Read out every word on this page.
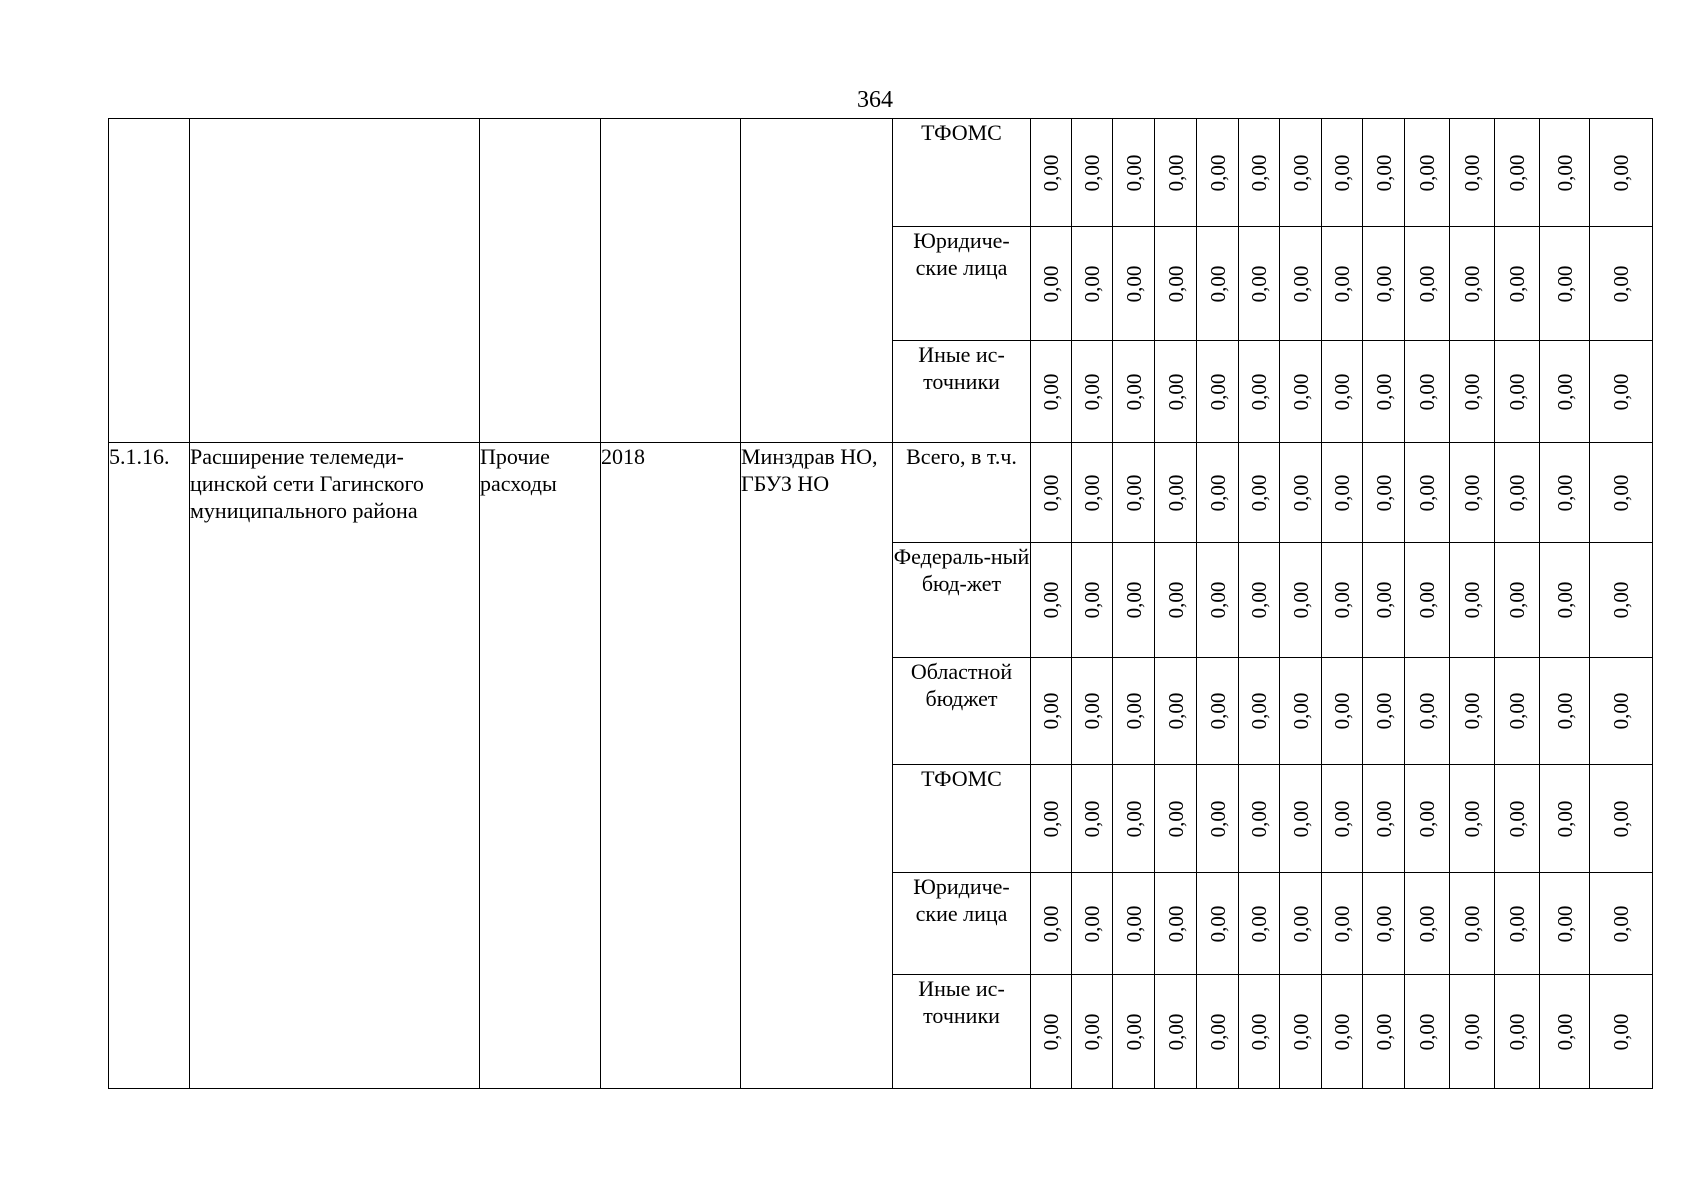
364
					ТФОМС	0,00	0,00	0,00	0,00	0,00	0,00	0,00	0,00	0,00	0,00	0,00	0,00	0,00	0,00

					Юридиче-ские лица	0,00	0,00	0,00	0,00	0,00	0,00	0,00	0,00	0,00	0,00	0,00	0,00	0,00	0,00

					Иные ис-точники	0,00	0,00	0,00	0,00	0,00	0,00	0,00	0,00	0,00	0,00	0,00	0,00	0,00	0,00

5.1.16.	Расширение телемеди-цинской сети Гагинского муниципального района	Прочие расходы	2018	Минздрав НО, ГБУЗ НО	Всего, в т.ч.	0,00	0,00	0,00	0,00	0,00	0,00	0,00	0,00	0,00	0,00	0,00	0,00	0,00	0,00

					Федераль-ный бюд-жет	0,00	0,00	0,00	0,00	0,00	0,00	0,00	0,00	0,00	0,00	0,00	0,00	0,00	0,00

					Областной бюджет	0,00	0,00	0,00	0,00	0,00	0,00	0,00	0,00	0,00	0,00	0,00	0,00	0,00	0,00

					ТФОМС	0,00	0,00	0,00	0,00	0,00	0,00	0,00	0,00	0,00	0,00	0,00	0,00	0,00	0,00

					Юридиче-ские лица	0,00	0,00	0,00	0,00	0,00	0,00	0,00	0,00	0,00	0,00	0,00	0,00	0,00	0,00

					Иные ис-точники	0,00	0,00	0,00	0,00	0,00	0,00	0,00	0,00	0,00	0,00	0,00	0,00	0,00	0,00
